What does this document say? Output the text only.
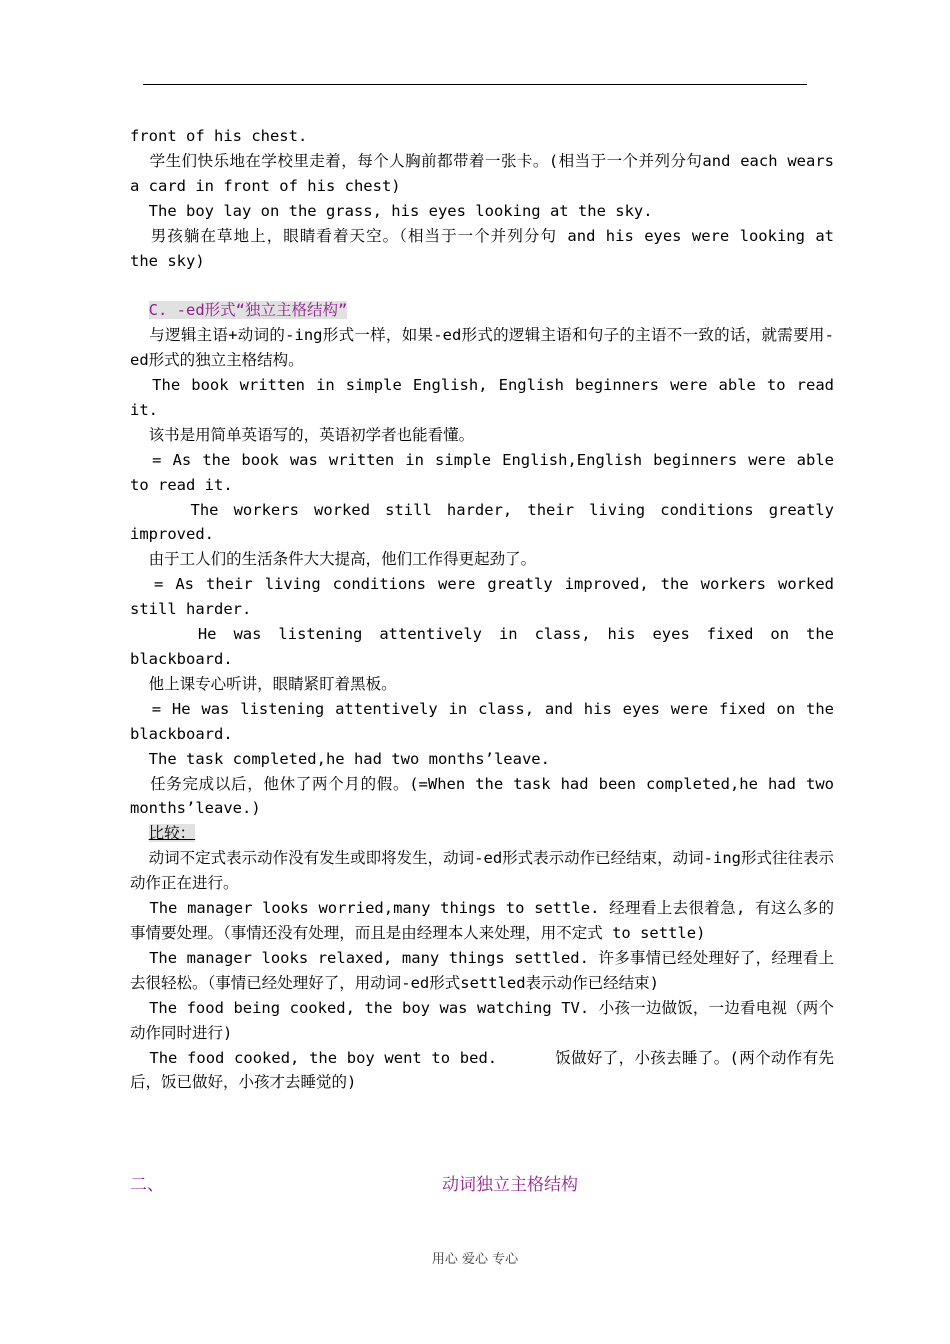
front of his chest.

学生们快乐地在学校里走着，每个人胸前都带着一张卡。(相当于一个并列分句and each wears a card in front of his chest)

The boy lay on the grass, his eyes looking at the sky.

男孩躺在草地上，眼睛看着天空。（相当于一个并列分句 and his eyes were looking at the sky)

C. -ed形式“独立主格结构”

与逻辑主语+动词的-ing形式一样，如果-ed形式的逻辑主语和句子的主语不一致的话，就需要用-ed形式的独立主格结构。

The book written in simple English, English beginners were able to read it.

该书是用简单英语写的，英语初学者也能看懂。

= As the book was written in simple English,English beginners were able to read it.

The workers worked still harder, their living conditions greatly improved.

由于工人们的生活条件大大提高，他们工作得更起劲了。

= As their living conditions were greatly improved, the workers worked still harder.

He was listening attentively in class, his eyes fixed on the blackboard.

他上课专心听讲，眼睛紧盯着黑板。

= He was listening attentively in class, and his eyes were fixed on the blackboard.

The task completed,he had two months’leave.

任务完成以后，他休了两个月的假。(=When the task had been completed,he had two months’leave.)

比较：

动词不定式表示动作没有发生或即将发生，动词-ed形式表示动作已经结束，动词-ing形式往往表示动作正在进行。

The manager looks worried,many things to settle. 经理看上去很着急, 有这么多的事情要处理。（事情还没有处理，而且是由经理本人来处理，用不定式 to settle)

The manager looks relaxed, many things settled. 许多事情已经处理好了，经理看上去很轻松。（事情已经处理好了，用动词-ed形式settled表示动作已经结束)

The food being cooked, the boy was watching TV. 小孩一边做饭，一边看电视（两个动作同时进行)

The food cooked, the boy went to bed.      饭做好了，小孩去睡了。(两个动作有先后，饭已做好，小孩才去睡觉的)

二、	动词独立主格结构
用心 爱心 专心
